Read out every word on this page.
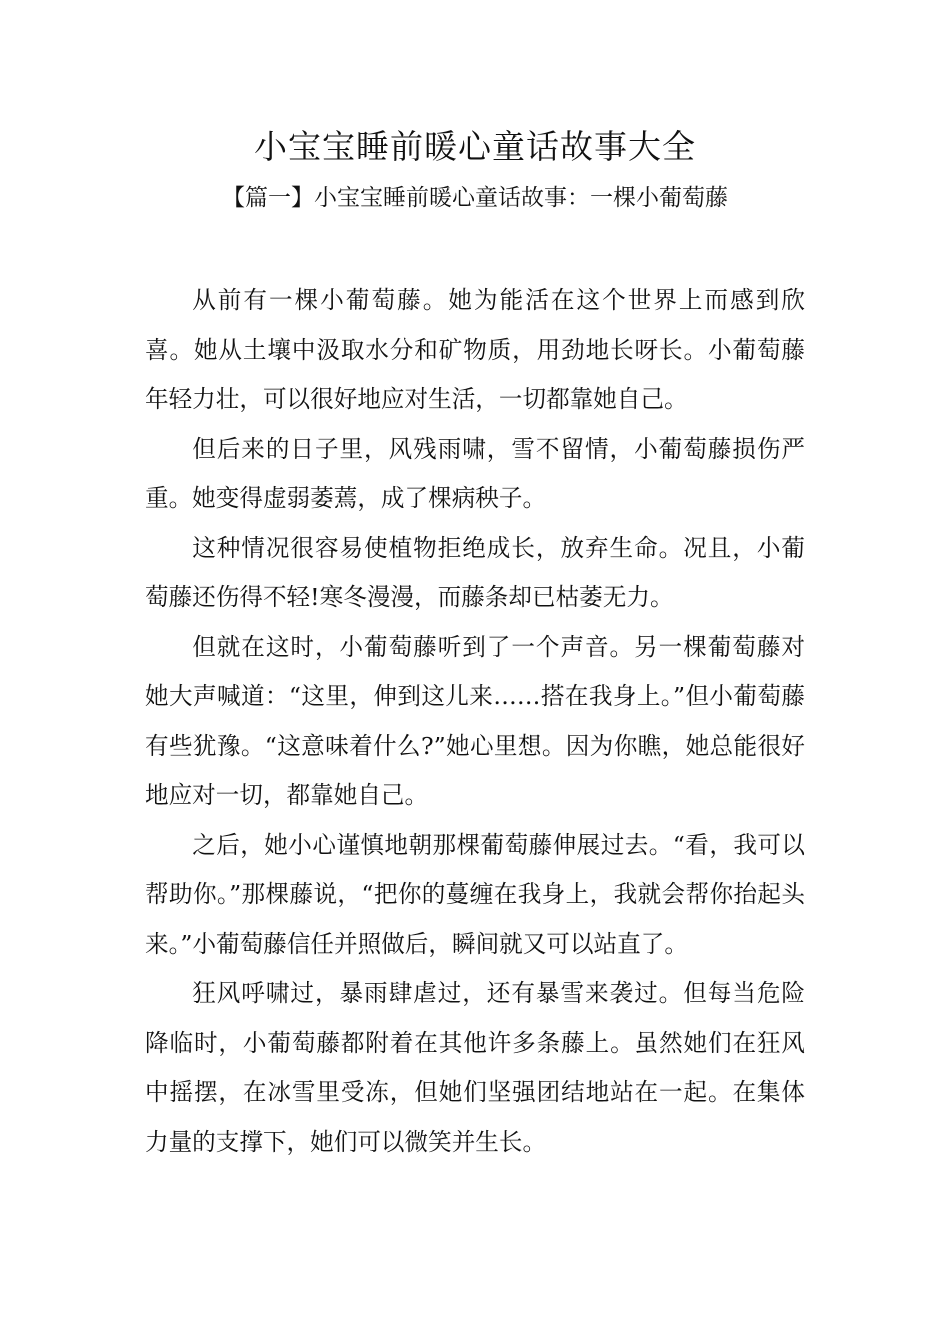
小宝宝睡前暖心童话故事大全
【篇一】小宝宝睡前暖心童话故事：一棵小葡萄藤

从前有一棵小葡萄藤。她为能活在这个世界上而感到欣喜。她从土壤中汲取水分和矿物质，用劲地长呀长。小葡萄藤年轻力壮，可以很好地应对生活，一切都靠她自己。

但后来的日子里，风残雨啸，雪不留情，小葡萄藤损伤严重。她变得虚弱萎蔫，成了棵病秧子。

这种情况很容易使植物拒绝成长，放弃生命。况且，小葡萄藤还伤得不轻!寒冬漫漫，而藤条却已枯萎无力。

但就在这时，小葡萄藤听到了一个声音。另一棵葡萄藤对她大声喊道：“这里，伸到这儿来……搭在我身上。”但小葡萄藤有些犹豫。“这意味着什么?”她心里想。因为你瞧，她总能很好地应对一切，都靠她自己。

之后，她小心谨慎地朝那棵葡萄藤伸展过去。“看，我可以帮助你。”那棵藤说，“把你的蔓缠在我身上，我就会帮你抬起头来。”小葡萄藤信任并照做后，瞬间就又可以站直了。

狂风呼啸过，暴雨肆虐过，还有暴雪来袭过。但每当危险降临时，小葡萄藤都附着在其他许多条藤上。虽然她们在狂风中摇摆，在冰雪里受冻，但她们坚强团结地站在一起。在集体力量的支撑下，她们可以微笑并生长。
